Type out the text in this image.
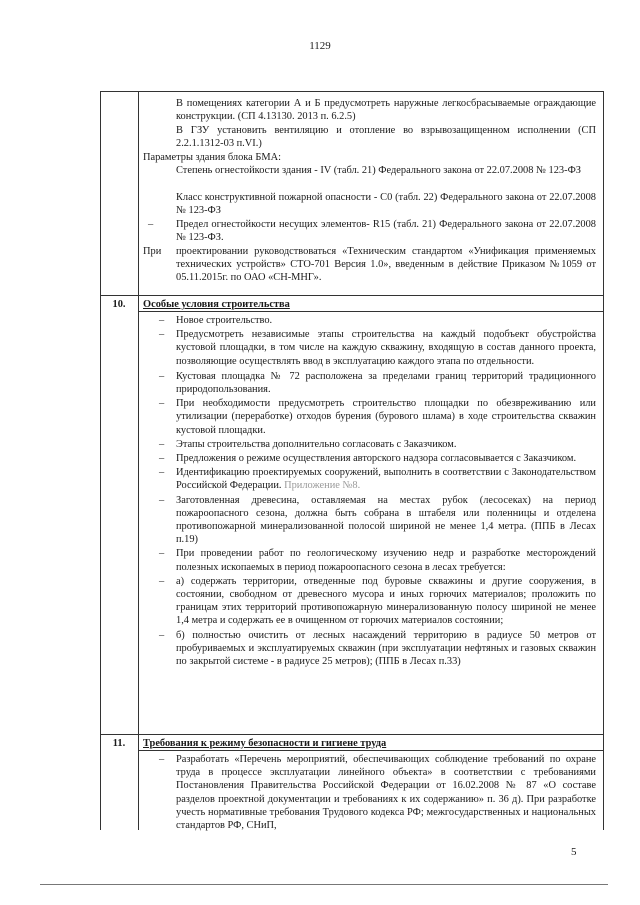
1129
5
В помещениях категории А и Б предусмотреть наружные легкосбрасываемые ограждающие конструкции. (СП 4.13130. 2013 п. 6.2.5)
В ГЗУ установить вентиляцию и отопление во взрывозащищенном исполнении (СП 2.2.1.1312-03 п.VI.)
Параметры здания блока БМА:
Степень огнестойкости здания - IV (табл. 21) Федерального закона от 22.07.2008 № 123-ФЗ
Класс конструктивной пожарной опасности - С0 (табл. 22) Федерального закона от 22.07.2008 № 123-ФЗ
– Предел огнестойкости несущих элементов- R15 (табл. 21) Федерального закона от 22.07.2008 № 123-ФЗ.
При проектировании руководствоваться «Техническим стандартом «Унификация применяемых технических устройств» СТО-701 Версия 1.0», введенным в действие Приказом №1059 от 05.11.2015г. по ОАО «СН-МНГ».
10.	Особые условия строительства
– Новое строительство.
– Предусмотреть независимые этапы строительства на каждый подобъект обустройства кустовой площадки, в том числе на каждую скважину, входящую в состав данного проекта, позволяющие осуществлять ввод в эксплуатацию каждого этапа по отдельности.
– Кустовая площадка № 72 расположена за пределами границ территорий традиционного природопользования.
– При необходимости предусмотреть строительство площадки по обезвреживанию или утилизации (переработке) отходов бурения (бурового шлама) в ходе строительства скважин кустовой площадки.
– Этапы строительства дополнительно согласовать с Заказчиком.
– Предложения о режиме осуществления авторского надзора согласовывается с Заказчиком.
– Идентификацию проектируемых сооружений, выполнить в соответствии с Законодательством Российской Федерации. Приложение №8.
– Заготовленная древесина, оставляемая на местах рубок (лесосеках) на период пожароопасного сезона, должна быть собрана в штабеля или поленницы и отделена противопожарной минерализованной полосой шириной не менее 1,4 метра. (ППБ в Лесах п.19)
– При проведении работ по геологическому изучению недр и разработке месторождений полезных ископаемых в период пожароопасного сезона в лесах требуется:
– а) содержать территории, отведенные под буровые скважины и другие сооружения, в состоянии, свободном от древесного мусора и иных горючих материалов; проложить по границам этих территорий противопожарную минерализованную полосу шириной не менее 1,4 метра и содержать ее в очищенном от горючих материалов состоянии;
– б) полностью очистить от лесных насаждений территорию в радиусе 50 метров от пробуриваемых и эксплуатируемых скважин (при эксплуатации нефтяных и газовых скважин по закрытой системе - в радиусе 25 метров); (ППБ в Лесах п.33)
11.	Требования к режиму безопасности и гигиене труда
– Разработать «Перечень мероприятий, обеспечивающих соблюдение требований по охране труда в процессе эксплуатации линейного объекта» в соответствии с требованиями Постановления Правительства Российской Федерации от 16.02.2008 № 87 «О составе разделов проектной документации и требованиях к их содержанию» п. 36 д). При разработке учесть нормативные требования Трудового кодекса РФ; межгосударственных и национальных стандартов РФ, СНиП,
